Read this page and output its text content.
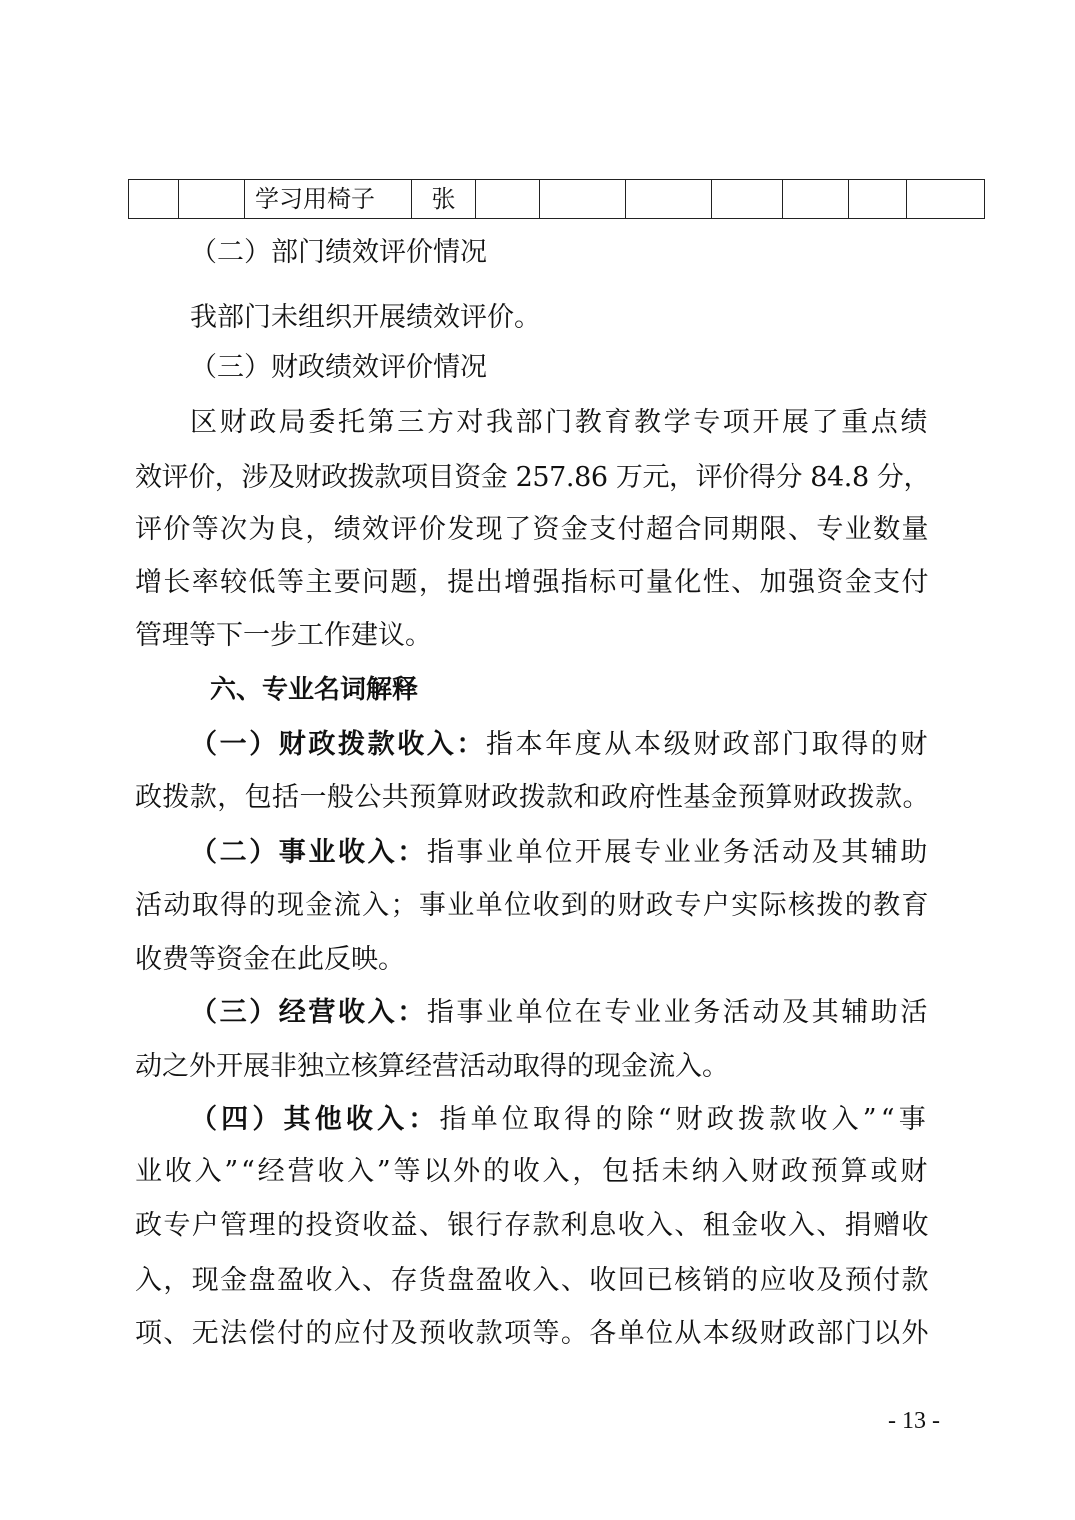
		学习用椅子	张							
（二）部门绩效评价情况
我部门未组织开展绩效评价。
（三）财政绩效评价情况
区财政局委托第三方对我部门教育教学专项开展了重点绩
效评价，涉及财政拨款项目资金 257.86 万元，评价得分 84.8 分，
评价等次为良，绩效评价发现了资金支付超合同期限、专业数量
增长率较低等主要问题，提出增强指标可量化性、加强资金支付
管理等下一步工作建议。
六、专业名词解释
（一）财政拨款收入：指本年度从本级财政部门取得的财
政拨款，包括一般公共预算财政拨款和政府性基金预算财政拨款。
（二）事业收入：指事业单位开展专业业务活动及其辅助
活动取得的现金流入；事业单位收到的财政专户实际核拨的教育
收费等资金在此反映。
（三）经营收入：指事业单位在专业业务活动及其辅助活
动之外开展非独立核算经营活动取得的现金流入。
（四）其他收入：指单位取得的除“财政拨款收入”“事
业收入”“经营收入”等以外的收入，包括未纳入财政预算或财
政专户管理的投资收益、银行存款利息收入、租金收入、捐赠收
入，现金盘盈收入、存货盘盈收入、收回已核销的应收及预付款
项、无法偿付的应付及预收款项等。各单位从本级财政部门以外
- 13 -
